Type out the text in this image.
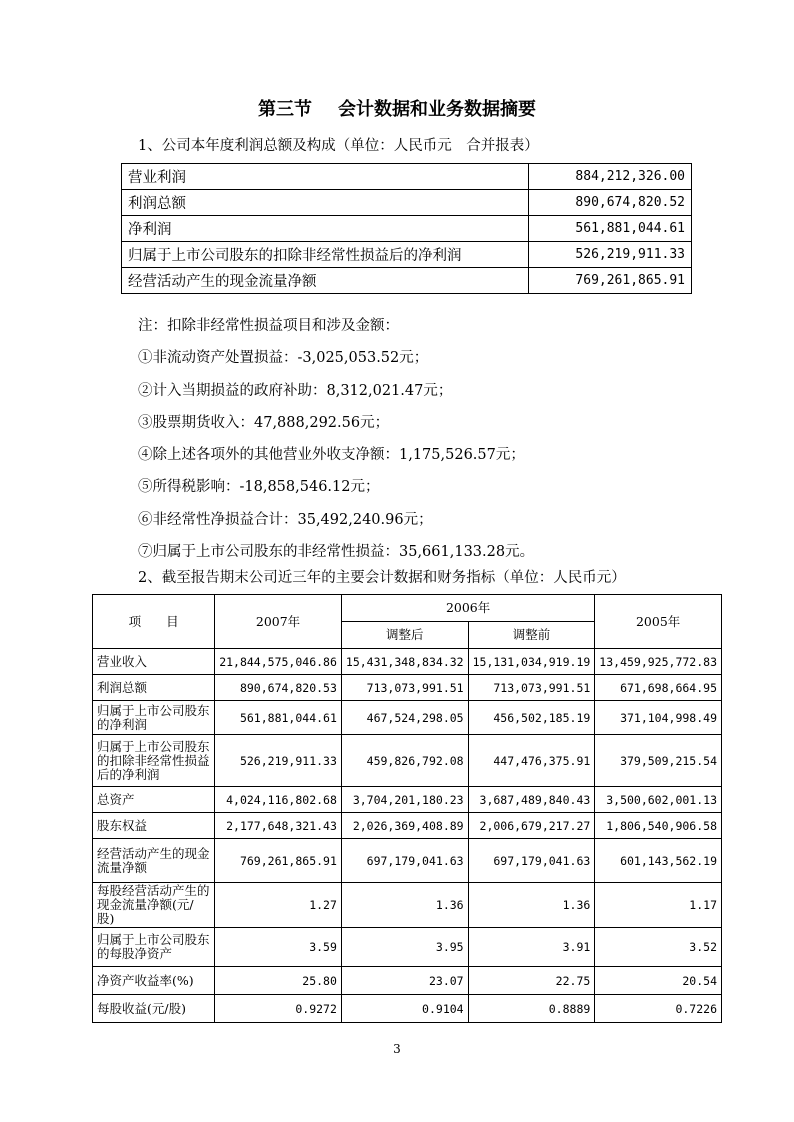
第三节 会计数据和业务数据摘要
1、公司本年度利润总额及构成（单位：人民币元　合并报表）
营业利润	884,212,326.00
利润总额	890,674,820.52
净利润	561,881,044.61
归属于上市公司股东的扣除非经常性损益后的净利润	526,219,911.33
经营活动产生的现金流量净额	769,261,865.91
注：扣除非经常性损益项目和涉及金额：
①非流动资产处置损益：-3,025,053.52元；
②计入当期损益的政府补助：8,312,021.47元；
③股票期货收入：47,888,292.56元；
④除上述各项外的其他营业外收支净额：1,175,526.57元；
⑤所得税影响：-18,858,546.12元；
⑥非经常性净损益合计：35,492,240.96元；
⑦归属于上市公司股东的非经常性损益：35,661,133.28元。
2、截至报告期末公司近三年的主要会计数据和财务指标（单位：人民币元）
项　　目	2007年	2006年		2005年
		调整后	调整前	
营业收入	21,844,575,046.86	15,431,348,834.32	15,131,034,919.19	13,459,925,772.83
利润总额	890,674,820.53	713,073,991.51	713,073,991.51	671,698,664.95
归属于上市公司股东的净利润	561,881,044.61	467,524,298.05	456,502,185.19	371,104,998.49
归属于上市公司股东的扣除非经常性损益后的净利润	526,219,911.33	459,826,792.08	447,476,375.91	379,509,215.54
总资产	4,024,116,802.68	3,704,201,180.23	3,687,489,840.43	3,500,602,001.13
股东权益	2,177,648,321.43	2,026,369,408.89	2,006,679,217.27	1,806,540,906.58
经营活动产生的现金流量净额	769,261,865.91	697,179,041.63	697,179,041.63	601,143,562.19
每股经营活动产生的现金流量净额(元/股)	1.27	1.36	1.36	1.17
归属于上市公司股东的每股净资产	3.59	3.95	3.91	3.52
净资产收益率(%)	25.80	23.07	22.75	20.54
每股收益(元/股)	0.9272	0.9104	0.8889	0.7226
3
